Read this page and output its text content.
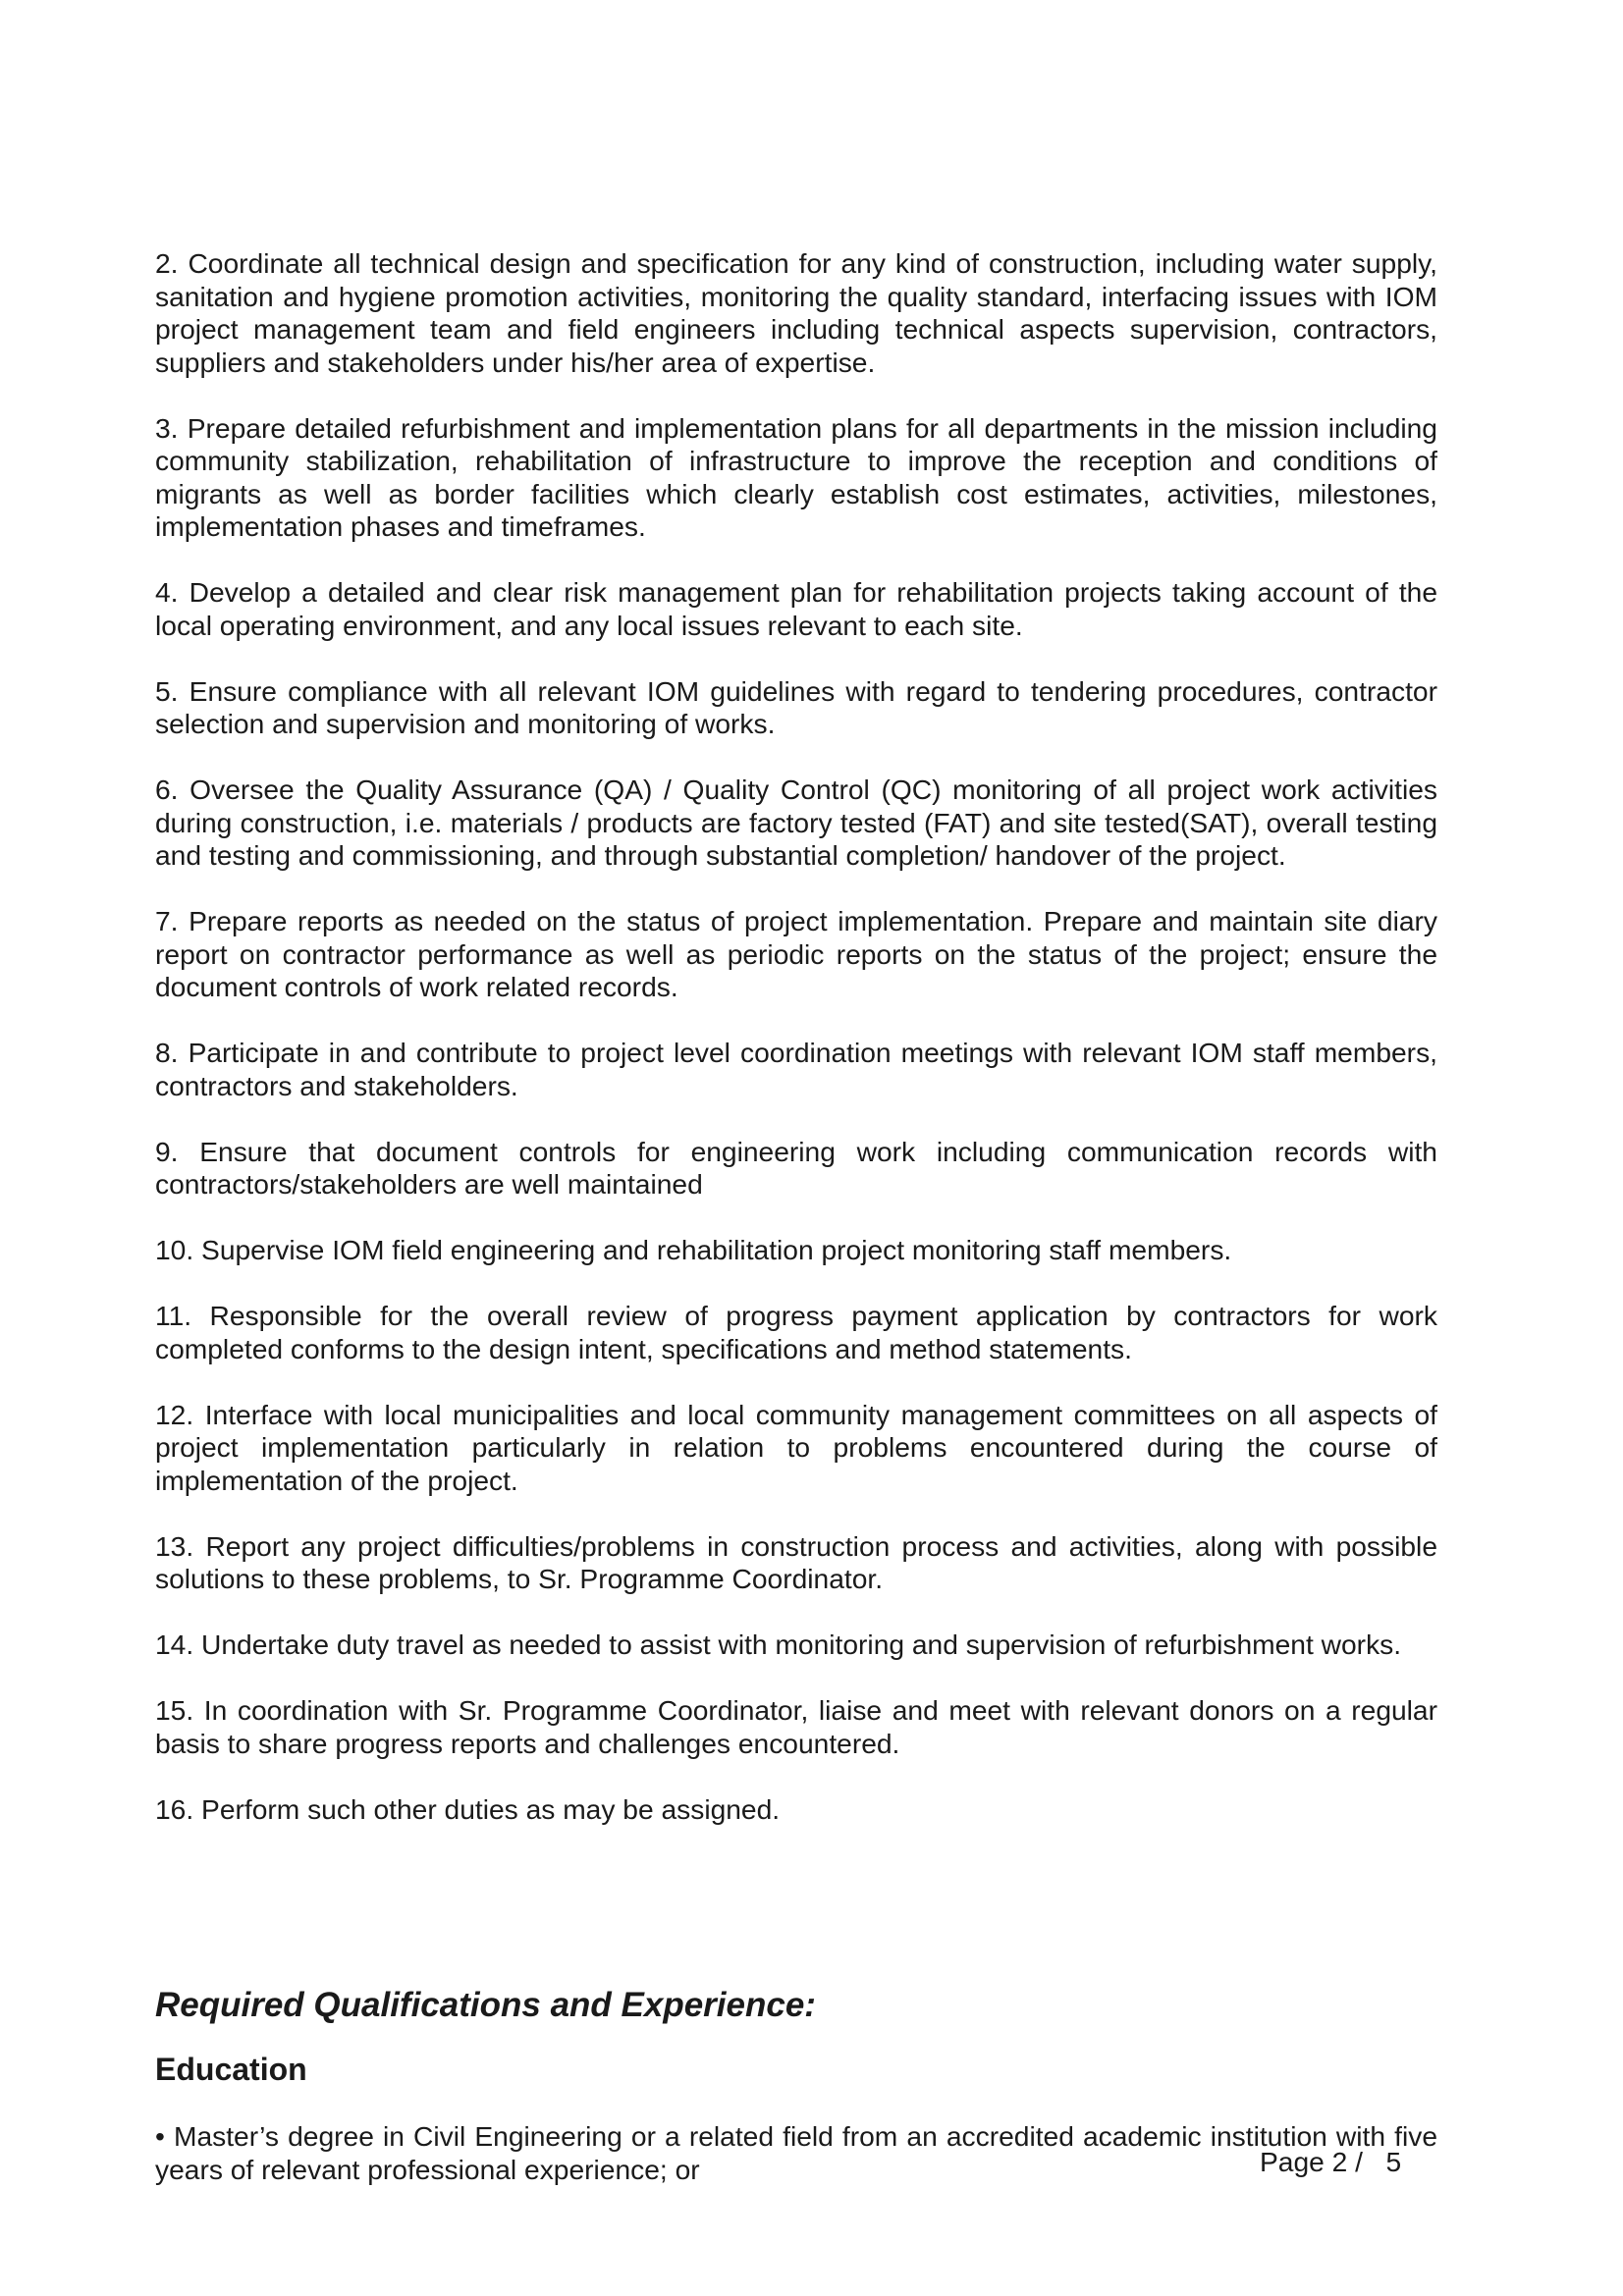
2. Coordinate all technical design and specification for any kind of construction, including water supply, sanitation and hygiene promotion activities, monitoring the quality standard, interfacing issues with IOM project management team and field engineers including technical aspects supervision, contractors, suppliers and stakeholders under his/her area of expertise.

3. Prepare detailed refurbishment and implementation plans for all departments in the mission including community stabilization, rehabilitation of infrastructure to improve the reception and conditions of migrants as well as border facilities which clearly establish cost estimates, activities, milestones, implementation phases and timeframes.

4. Develop a detailed and clear risk management plan for rehabilitation projects taking account of the local operating environment, and any local issues relevant to each site.

5. Ensure compliance with all relevant IOM guidelines with regard to tendering procedures, contractor selection and supervision and monitoring of works.

6. Oversee the Quality Assurance (QA) / Quality Control (QC) monitoring of all project work activities during construction, i.e. materials / products are factory tested (FAT) and site tested(SAT), overall testing and testing and commissioning, and through substantial completion/ handover of the project.

7. Prepare reports as needed on the status of project implementation. Prepare and maintain site diary report on contractor performance as well as periodic reports on the status of the project; ensure the document controls of work related records.

8. Participate in and contribute to project level coordination meetings with relevant IOM staff members, contractors and stakeholders.

9. Ensure that document controls for engineering work including communication records with contractors/stakeholders are well maintained

10. Supervise IOM field engineering and rehabilitation project monitoring staff members.

11. Responsible for the overall review of progress payment application by contractors for work completed conforms to the design intent, specifications and method statements.

12. Interface with local municipalities and local community management committees on all aspects of project implementation particularly in relation to problems encountered during the course of implementation of the project.

13. Report any project difficulties/problems in construction process and activities, along with possible solutions to these problems, to Sr. Programme Coordinator.

14. Undertake duty travel as needed to assist with monitoring and supervision of refurbishment works.

15. In coordination with Sr. Programme Coordinator, liaise and meet with relevant donors on a regular basis to share progress reports and challenges encountered.

16. Perform such other duties as may be assigned.

Required Qualifications and Experience:
Education

• Master’s degree in Civil Engineering or a related field from an accredited academic institution with five years of relevant professional experience; or	Page 2 /   5
